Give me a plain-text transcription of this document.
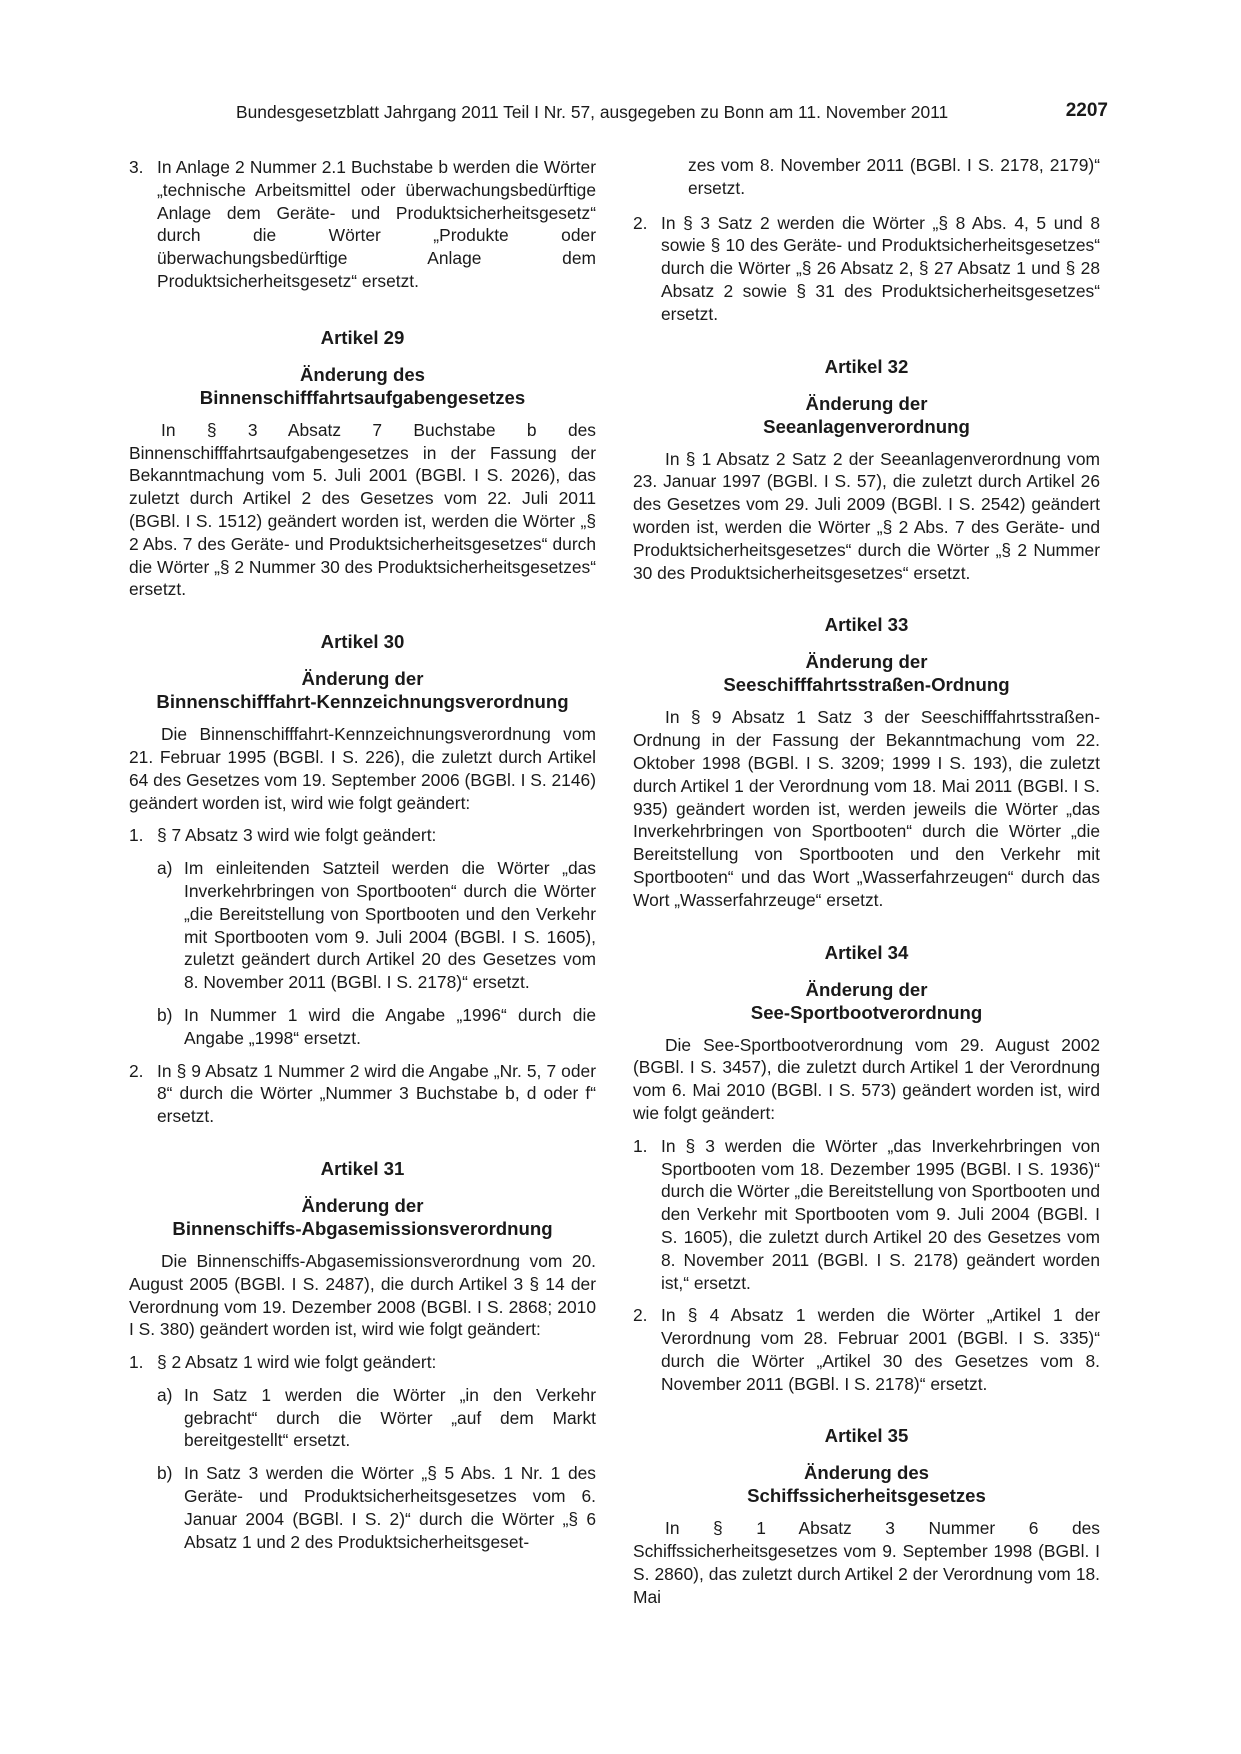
Bundesgesetzblatt Jahrgang 2011 Teil I Nr. 57, ausgegeben zu Bonn am 11. November 2011	2207
3. In Anlage 2 Nummer 2.1 Buchstabe b werden die Wörter „technische Arbeitsmittel oder überwachungsbedürftige Anlage dem Geräte- und Produktsicherheitsgesetz“ durch die Wörter „Produkte oder überwachungsbedürftige Anlage dem Produktsicherheitsgesetz“ ersetzt.

Artikel 29
Änderung des
Binnenschifffahrtsaufgabengesetzes

In § 3 Absatz 7 Buchstabe b des Binnenschifffahrtsaufgabengesetzes in der Fassung der Bekanntmachung vom 5. Juli 2001 (BGBl. I S. 2026), das zuletzt durch Artikel 2 des Gesetzes vom 22. Juli 2011 (BGBl. I S. 1512) geändert worden ist, werden die Wörter „§ 2 Abs. 7 des Geräte- und Produktsicherheitsgesetzes“ durch die Wörter „§ 2 Nummer 30 des Produktsicherheitsgesetzes“ ersetzt.

Artikel 30
Änderung der
Binnenschifffahrt-Kennzeichnungsverordnung

Die Binnenschifffahrt-Kennzeichnungsverordnung vom 21. Februar 1995 (BGBl. I S. 226), die zuletzt durch Artikel 64 des Gesetzes vom 19. September 2006 (BGBl. I S. 2146) geändert worden ist, wird wie folgt geändert:

1. § 7 Absatz 3 wird wie folgt geändert:

a) Im einleitenden Satzteil werden die Wörter „das Inverkehrbringen von Sportbooten“ durch die Wörter „die Bereitstellung von Sportbooten und den Verkehr mit Sportbooten vom 9. Juli 2004 (BGBl. I S. 1605), zuletzt geändert durch Artikel 20 des Gesetzes vom 8. November 2011 (BGBl. I S. 2178)“ ersetzt.

b) In Nummer 1 wird die Angabe „1996“ durch die Angabe „1998“ ersetzt.

2. In § 9 Absatz 1 Nummer 2 wird die Angabe „Nr. 5, 7 oder 8“ durch die Wörter „Nummer 3 Buchstabe b, d oder f“ ersetzt.

Artikel 31
Änderung der
Binnenschiffs-Abgasemissionsverordnung

Die Binnenschiffs-Abgasemissionsverordnung vom 20. August 2005 (BGBl. I S. 2487), die durch Artikel 3 § 14 der Verordnung vom 19. Dezember 2008 (BGBl. I S. 2868; 2010 I S. 380) geändert worden ist, wird wie folgt geändert:

1. § 2 Absatz 1 wird wie folgt geändert:

a) In Satz 1 werden die Wörter „in den Verkehr gebracht“ durch die Wörter „auf dem Markt bereitgestellt“ ersetzt.

b) In Satz 3 werden die Wörter „§ 5 Abs. 1 Nr. 1 des Geräte- und Produktsicherheitsgesetzes vom 6. Januar 2004 (BGBl. I S. 2)“ durch die Wörter „§ 6 Absatz 1 und 2 des Produktsicherheitsgeset-

zes vom 8. November 2011 (BGBl. I S. 2178, 2179)“ ersetzt.

2. In § 3 Satz 2 werden die Wörter „§ 8 Abs. 4, 5 und 8 sowie § 10 des Geräte- und Produktsicherheitsgesetzes“ durch die Wörter „§ 26 Absatz 2, § 27 Absatz 1 und § 28 Absatz 2 sowie § 31 des Produktsicherheitsgesetzes“ ersetzt.

Artikel 32
Änderung der
Seeanlagenverordnung

In § 1 Absatz 2 Satz 2 der Seeanlagenverordnung vom 23. Januar 1997 (BGBl. I S. 57), die zuletzt durch Artikel 26 des Gesetzes vom 29. Juli 2009 (BGBl. I S. 2542) geändert worden ist, werden die Wörter „§ 2 Abs. 7 des Geräte- und Produktsicherheitsgesetzes“ durch die Wörter „§ 2 Nummer 30 des Produktsicherheitsgesetzes“ ersetzt.

Artikel 33
Änderung der
Seeschifffahrtsstraßen-Ordnung

In § 9 Absatz 1 Satz 3 der Seeschifffahrtsstraßen-Ordnung in der Fassung der Bekanntmachung vom 22. Oktober 1998 (BGBl. I S. 3209; 1999 I S. 193), die zuletzt durch Artikel 1 der Verordnung vom 18. Mai 2011 (BGBl. I S. 935) geändert worden ist, werden jeweils die Wörter „das Inverkehrbringen von Sportbooten“ durch die Wörter „die Bereitstellung von Sportbooten und den Verkehr mit Sportbooten“ und das Wort „Wasserfahrzeugen“ durch das Wort „Wasserfahrzeuge“ ersetzt.

Artikel 34
Änderung der
See-Sportbootverordnung

Die See-Sportbootverordnung vom 29. August 2002 (BGBl. I S. 3457), die zuletzt durch Artikel 1 der Verordnung vom 6. Mai 2010 (BGBl. I S. 573) geändert worden ist, wird wie folgt geändert:

1. In § 3 werden die Wörter „das Inverkehrbringen von Sportbooten vom 18. Dezember 1995 (BGBl. I S. 1936)“ durch die Wörter „die Bereitstellung von Sportbooten und den Verkehr mit Sportbooten vom 9. Juli 2004 (BGBl. I S. 1605), die zuletzt durch Artikel 20 des Gesetzes vom 8. November 2011 (BGBl. I S. 2178) geändert worden ist,“ ersetzt.

2. In § 4 Absatz 1 werden die Wörter „Artikel 1 der Verordnung vom 28. Februar 2001 (BGBl. I S. 335)“ durch die Wörter „Artikel 30 des Gesetzes vom 8. November 2011 (BGBl. I S. 2178)“ ersetzt.

Artikel 35
Änderung des
Schiffssicherheitsgesetzes

In § 1 Absatz 3 Nummer 6 des Schiffssicherheitsgesetzes vom 9. September 1998 (BGBl. I S. 2860), das zuletzt durch Artikel 2 der Verordnung vom 18. Mai
